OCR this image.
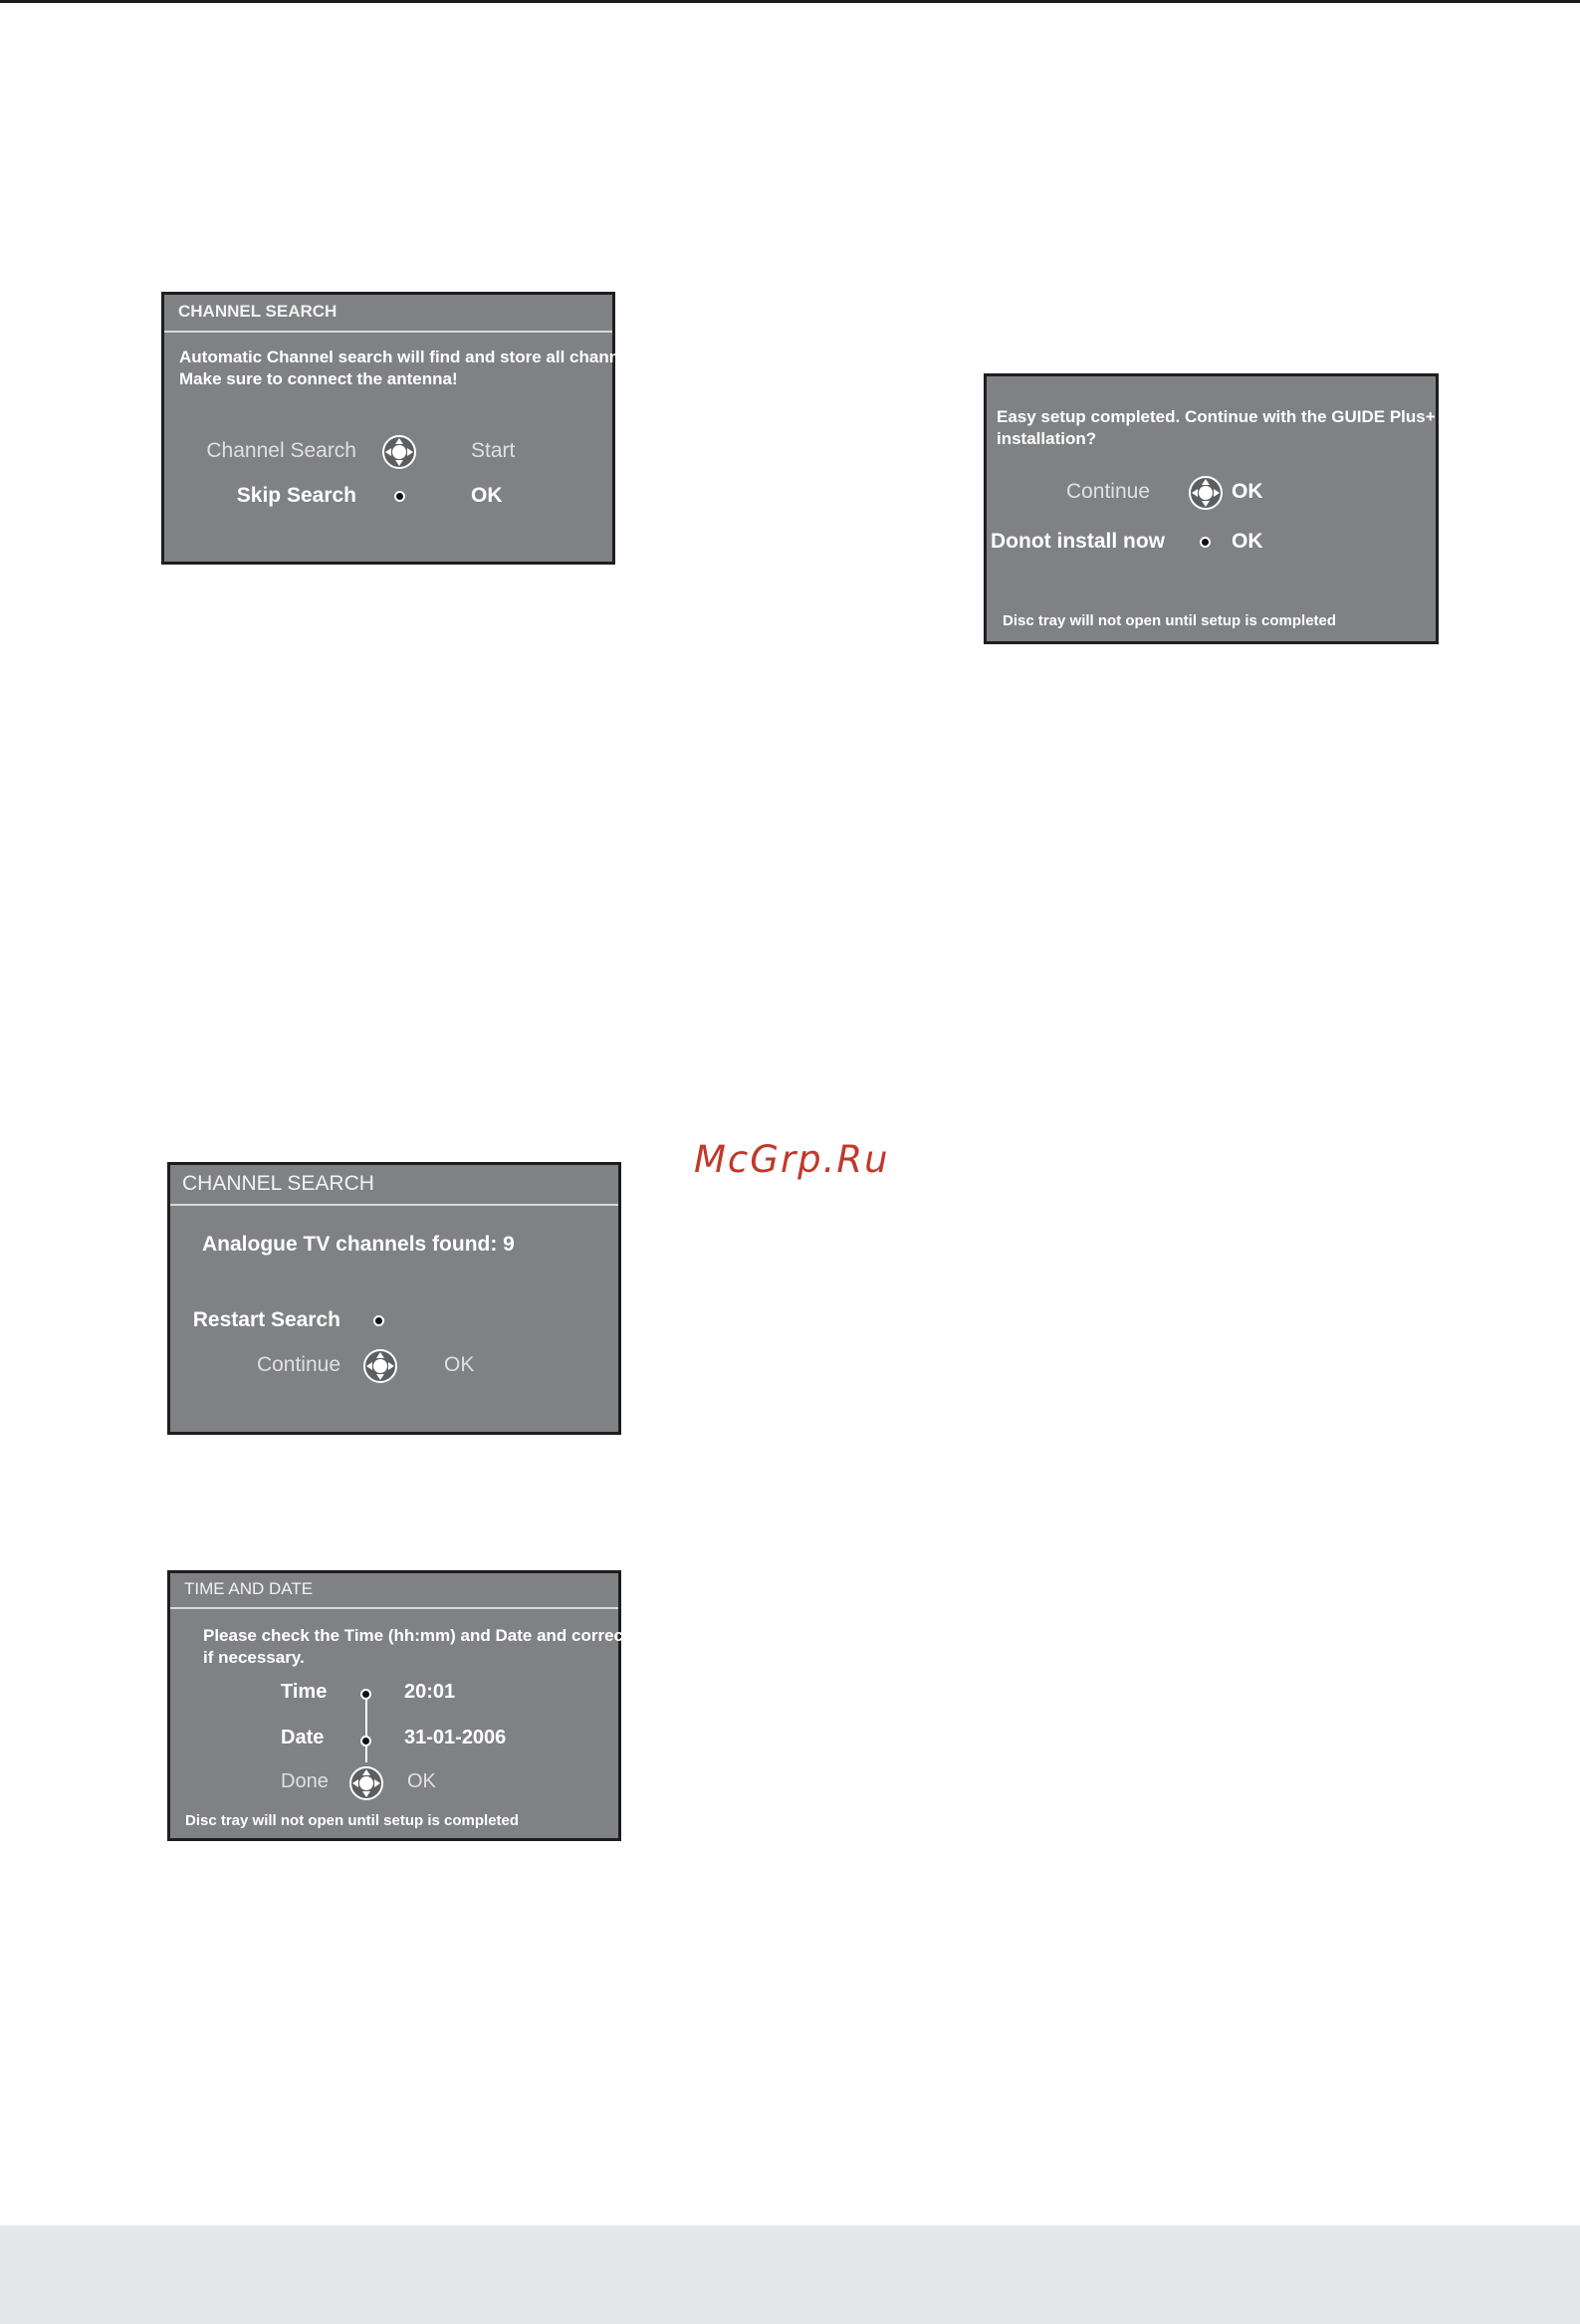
CHANNEL SEARCH
Automatic Channel search will find and store all channels.
Make sure to connect the antenna!
Channel Search	Start
Skip Search	OK
Easy setup completed. Continue with the GUIDE Plus+
installation?
Continue	OK
Donot install now	OK
Disc tray will not open until setup is completed
CHANNEL SEARCH
Analogue TV channels found: 9
Restart Search
Continue	OK
TIME AND DATE
Please check the Time (hh:mm) and Date and correct
if necessary.
Time	20:01
Date	31-01-2006
Done	OK
Disc tray will not open until setup is completed
McGrp.Ru
